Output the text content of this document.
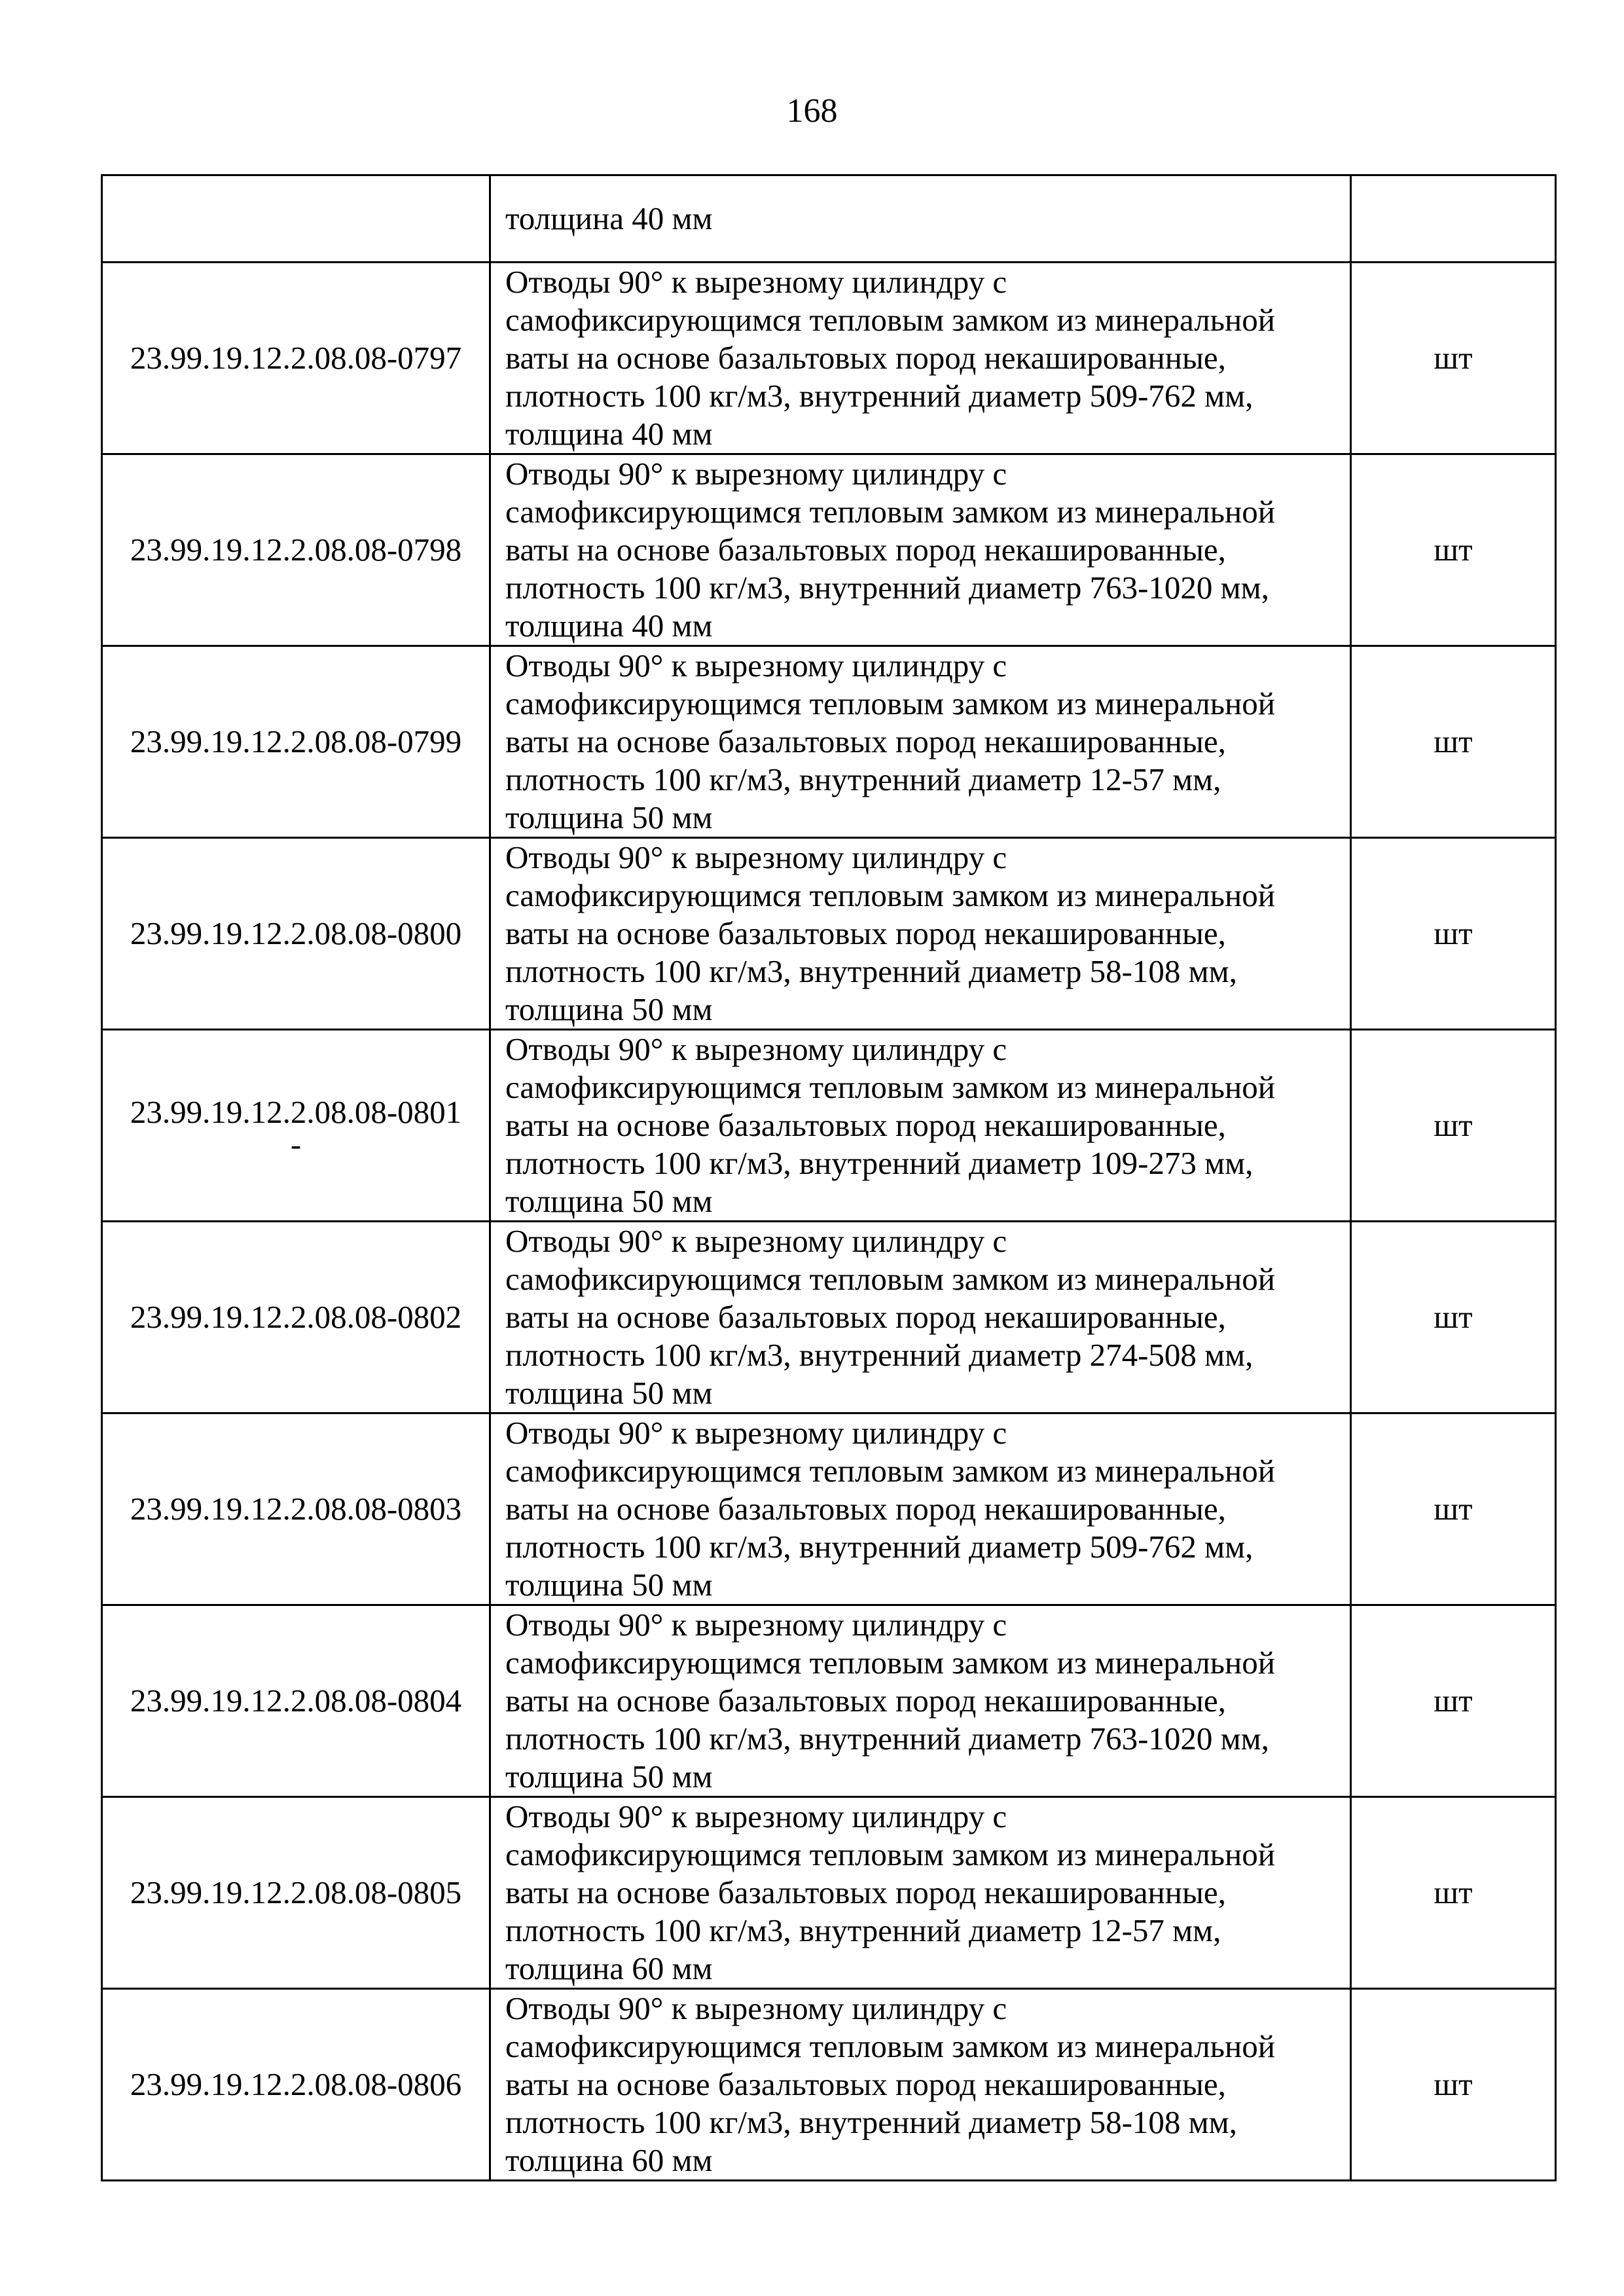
168

	толщина 40 мм	

23.99.19.12.2.08.08-0797	Отводы 90° к вырезному цилиндру с
самофиксирующимся тепловым замком из минеральной
ваты на основе базальтовых пород некашированные,
плотность 100 кг/м3, внутренний диаметр 509-762 мм,
толщина 40 мм	шт
23.99.19.12.2.08.08-0798	Отводы 90° к вырезному цилиндру с
самофиксирующимся тепловым замком из минеральной
ваты на основе базальтовых пород некашированные,
плотность 100 кг/м3, внутренний диаметр 763-1020 мм,
толщина 40 мм	шт
23.99.19.12.2.08.08-0799	Отводы 90° к вырезному цилиндру с
самофиксирующимся тепловым замком из минеральной
ваты на основе базальтовых пород некашированные,
плотность 100 кг/м3, внутренний диаметр 12-57 мм,
толщина 50 мм	шт
23.99.19.12.2.08.08-0800	Отводы 90° к вырезному цилиндру с
самофиксирующимся тепловым замком из минеральной
ваты на основе базальтовых пород некашированные,
плотность 100 кг/м3, внутренний диаметр 58-108 мм,
толщина 50 мм	шт
23.99.19.12.2.08.08-0801
-	Отводы 90° к вырезному цилиндру с
самофиксирующимся тепловым замком из минеральной
ваты на основе базальтовых пород некашированные,
плотность 100 кг/м3, внутренний диаметр 109-273 мм,
толщина 50 мм	шт
23.99.19.12.2.08.08-0802	Отводы 90° к вырезному цилиндру с
самофиксирующимся тепловым замком из минеральной
ваты на основе базальтовых пород некашированные,
плотность 100 кг/м3, внутренний диаметр 274-508 мм,
толщина 50 мм	шт
23.99.19.12.2.08.08-0803	Отводы 90° к вырезному цилиндру с
самофиксирующимся тепловым замком из минеральной
ваты на основе базальтовых пород некашированные,
плотность 100 кг/м3, внутренний диаметр 509-762 мм,
толщина 50 мм	шт
23.99.19.12.2.08.08-0804	Отводы 90° к вырезному цилиндру с
самофиксирующимся тепловым замком из минеральной
ваты на основе базальтовых пород некашированные,
плотность 100 кг/м3, внутренний диаметр 763-1020 мм,
толщина 50 мм	шт
23.99.19.12.2.08.08-0805	Отводы 90° к вырезному цилиндру с
самофиксирующимся тепловым замком из минеральной
ваты на основе базальтовых пород некашированные,
плотность 100 кг/м3, внутренний диаметр 12-57 мм,
толщина 60 мм	шт
23.99.19.12.2.08.08-0806	Отводы 90° к вырезному цилиндру с
самофиксирующимся тепловым замком из минеральной
ваты на основе базальтовых пород некашированные,
плотность 100 кг/м3, внутренний диаметр 58-108 мм,
толщина 60 мм	шт
